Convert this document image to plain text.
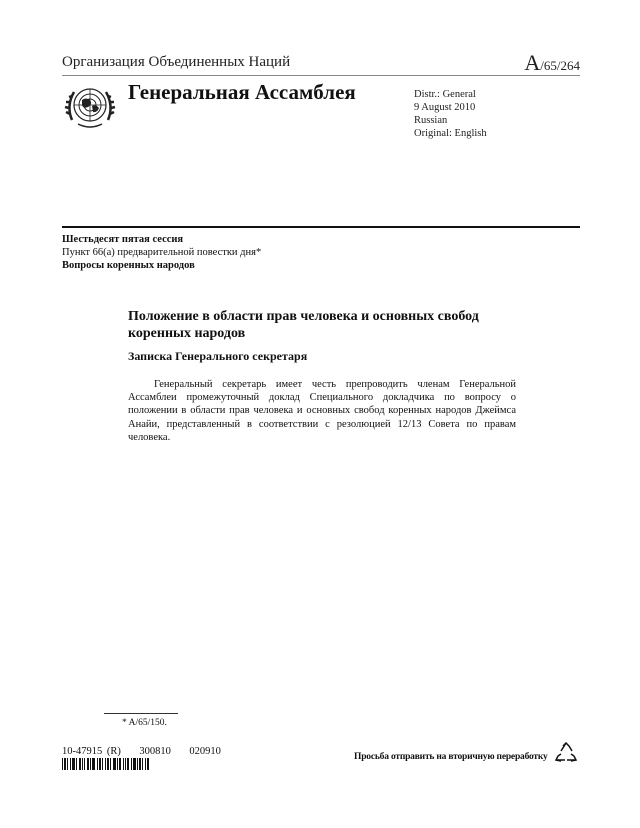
Организация Объединенных Наций	A/65/264
Генеральная Ассамблея	Distr.: General
9 August 2010
Russian
Original: English
Шестьдесят пятая сессия
Пункт 66(a) предварительной повестки дня*
Вопросы коренных народов
Положение в области прав человека и основных свобод коренных народов
Записка Генерального секретаря
Генеральный секретарь имеет честь препроводить членам Генеральной Ассамблеи промежуточный доклад Специального докладчика по вопросу о положении в области прав человека и основных свобод коренных народов Джеймса Анайи, представленный в соответствии с резолюцией 12/13 Совета по правам человека.
* A/65/150.
10-47915 (R)    300810    020910	Просьба отправить на вторичную переработку
